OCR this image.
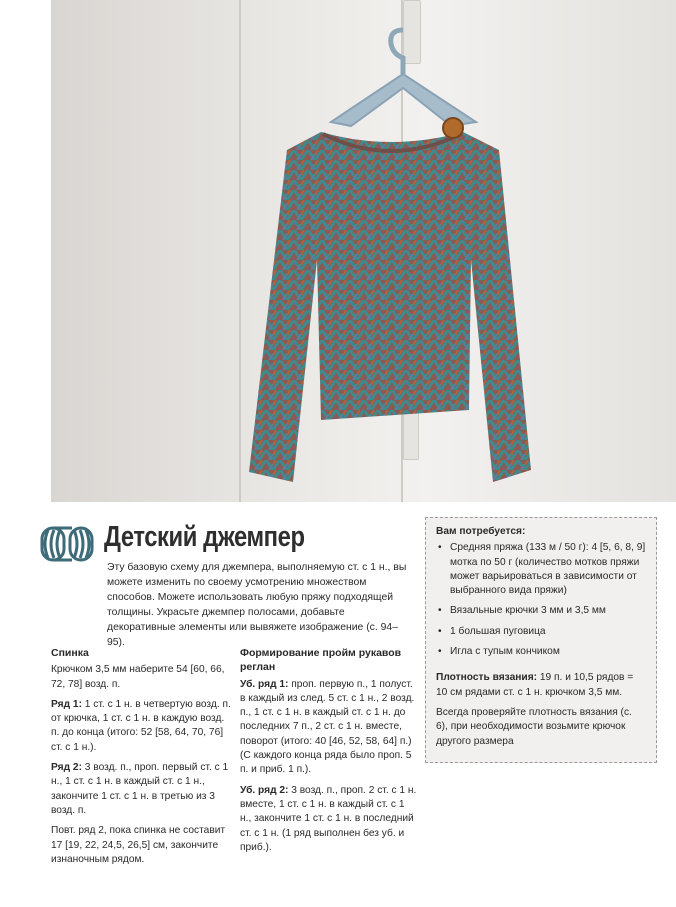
Детский джемпер
Эту базовую схему для джемпера, выполняемую ст. с 1 н., вы можете изменить по своему усмотрению множеством способов. Можете использовать любую пряжу подходящей толщины. Украсьте джемпер полосами, добавьте декоративные элементы или вывяжете изображение (с. 94–95).
Спинка

Крючком 3,5 мм наберите 54 [60, 66, 72, 78] возд. п.

Ряд 1: 1 ст. с 1 н. в четвертую возд. п. от крючка, 1 ст. с 1 н. в каждую возд. п. до конца (итого: 52 [58, 64, 70, 76] ст. с 1 н.).

Ряд 2: 3 возд. п., проп. первый ст. с 1 н., 1 ст. с 1 н. в каждый ст. с 1 н., закончите 1 ст. с 1 н. в третью из 3 возд. п.

Повт. ряд 2, пока спинка не составит 17 [19, 22, 24,5, 26,5] см, закончите изнаночным рядом.

Формирование пройм рукавов реглан

Уб. ряд 1: проп. первую п., 1 полуст. в каждый из след. 5 ст. с 1 н., 2 возд. п., 1 ст. с 1 н. в каждый ст. с 1 н. до последних 7 п., 2 ст. с 1 н. вместе, поворот (итого: 40 [46, 52, 58, 64] п.) (С каждого конца ряда было проп. 5 п. и приб. 1 п.).

Уб. ряд 2: 3 возд. п., проп. 2 ст. с 1 н. вместе, 1 ст. с 1 н. в каждый ст. с 1 н., закончите 1 ст. с 1 н. в последний ст. с 1 н. (1 ряд выполнен без уб. и приб.).

Вам потребуется:
• Средняя пряжа (133 м / 50 г): 4 [5, 6, 8, 9] мотка по 50 г (количество мотков пряжи может варьироваться в зависимости от выбранного вида пряжи)
• Вязальные крючки 3 мм и 3,5 мм
• 1 большая пуговица
• Игла с тупым кончиком

Плотность вязания: 19 п. и 10,5 рядов = 10 см рядами ст. с 1 н. крючком 3,5 мм.

Всегда проверяйте плотность вязания (с. 6), при необходимости возьмите крючок другого размера
